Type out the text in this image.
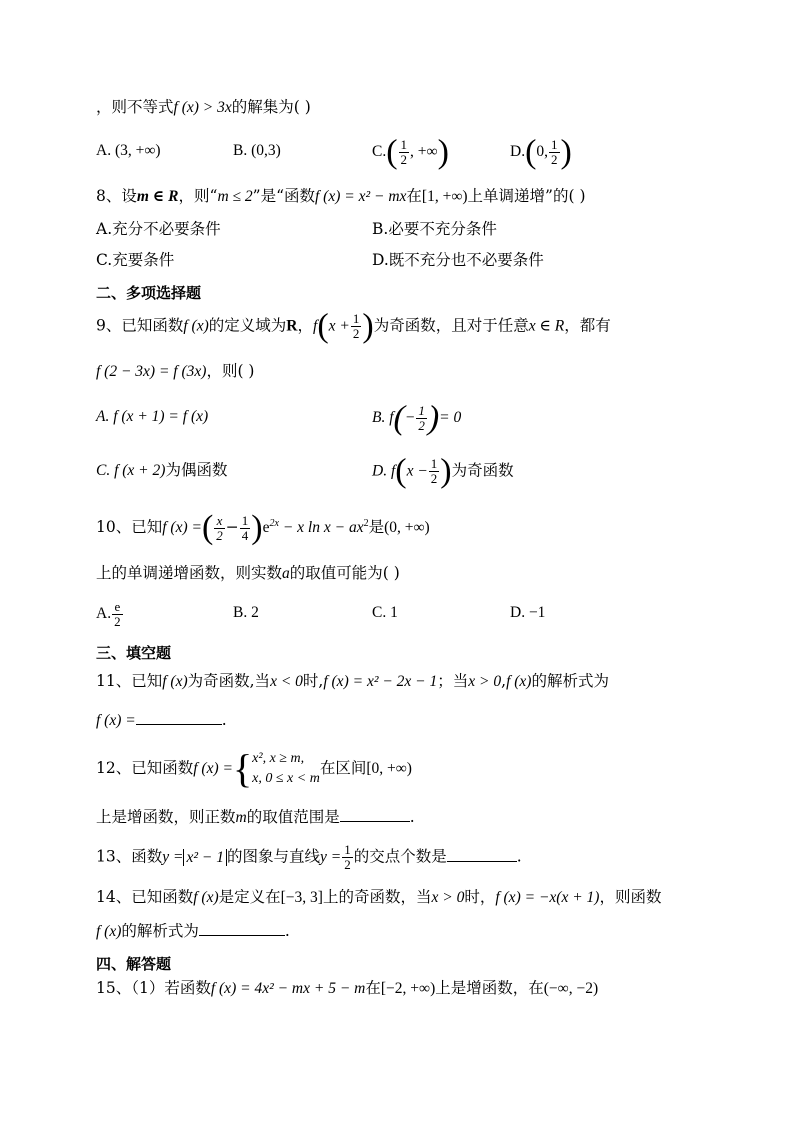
，则不等式f (x) > 3x的解集为( )
A. (3, +∞)	B. (0,3)	$C.( \frac{1}{2}$ , +∞)	D.(0, $\frac{1}{2}$ )
8、设m ∈ R，则“m ≤ 2”是“函数f (x) = x² − mx在[1, +∞)上单调递增”的( )
A.充分不必要条件	B.必要不充分条件
C.充要条件	D.既不充分也不必要条件
二、多项选择题
9、已知函数f (x)的定义域为R，$f(x + \frac{1}{2}$ )为奇函数，且对于任意x ∈ R，都有
f (2 − 3x) = f (3x)，则( )
A. f (x + 1) = f (x)	B. $f(- \frac{1}{2}$ )= 0
C. f (x + 2)为偶函数	D. $f(x - \frac{1}{2}$ )为奇函数
10、已知f (x) =( $\frac{x}{2} - \frac{1}{4} )e^{2x} - x$ $\ln x - ax^2$是(0, +∞)
上的单调递增函数，则实数a的取值可能为( )
A. $\frac{e}{2}$	B. 2	C. 1	D. −1
三、填空题
11、已知f (x)为奇函数,当x < 0时,f (x) = x² − 2x − 1；当x > 0,f (x)的解析式为
f (x) =	.
12、已知函数f (x) ={ x², x ≥ m,
x, 0 ≤ x < m
在区间[0, +∞)
上是增函数，则正数m的取值范围是	.
13、函数y = x² − 1 的图象与直线$y = \frac{1}{2}$ 的交点个数是	.
14、已知函数f (x)是定义在[−3, 3]上的奇函数，当x > 0时，f (x) = −x(x + 1)，则函数
f (x)的解析式为	.
四、解答题
15、（1）若函数f (x) = 4x² − mx + 5 − m在[−2, +∞)上是增函数，在(−∞, −2)
